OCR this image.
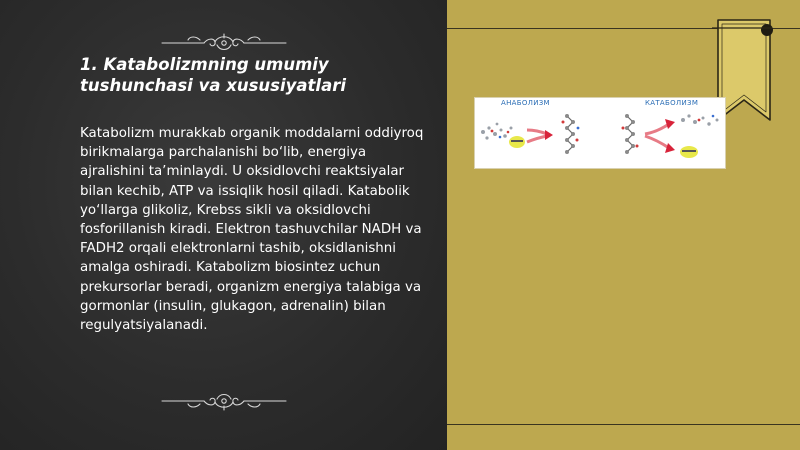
1. Katabolizmning umumiy tushunchasi va xususiyatlari

Katabolizm murakkab organik moddalarni oddiyroq birikmalarga parchalanishi bo‘lib, energiya ajralishini ta’minlaydi. U oksidlovchi reaktsiyalar bilan kechib, ATP va issiqlik hosil qiladi. Katabolik yo‘llarga glikoliz, Krebss sikli va oksidlovchi fosforillanish kiradi. Elektron tashuvchilar NADH va FADH2 orqali elektronlarni tashib, oksidlanishni amalga oshiradi. Katabolizm biosintez uchun prekursorlar beradi, organizm energiya talabiga va gormonlar (insulin, glukagon, adrenalin) bilan regulyatsiyalanadi.

АНАБОЛИЗМ	КАТАБОЛИЗМ
